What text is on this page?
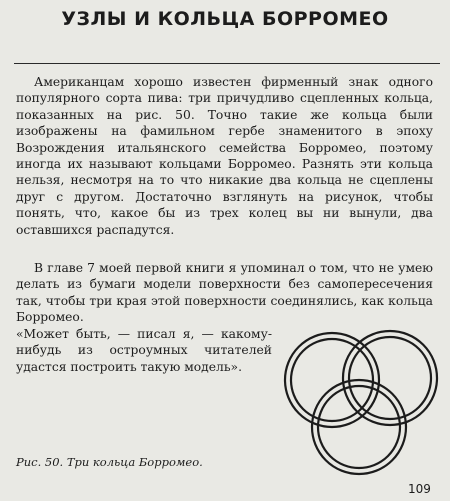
УЗЛЫ И КОЛЬЦА БОРРОМЕО

Американцам хорошо известен фирменный знак одного популярного сорта пива: три причудливо сцепленных кольца, показанных на рис. 50. Точно такие же кольца были изображены на фамильном гербе знаменитого в эпоху Возрождения итальянского семейства Борромео, поэтому иногда их называют кольцами Борромео. Разнять эти кольца нельзя, несмотря на то что никакие два кольца не сцеплены друг с другом. Достаточно взглянуть на рисунок, чтобы понять, что, какое бы из трех колец вы ни вынули, два оставшихся распадутся.

В главе 7 моей первой книги я упоминал о том, что не умею делать из бумаги модели поверхности без самопересечения так, чтобы три края этой поверхности соединялись, как кольца Борромео.

«Может быть, — писал я, — какому-нибудь из остроумных читателей удастся построить такую модель».

Рис. 50. Три кольца Борромео.
109
